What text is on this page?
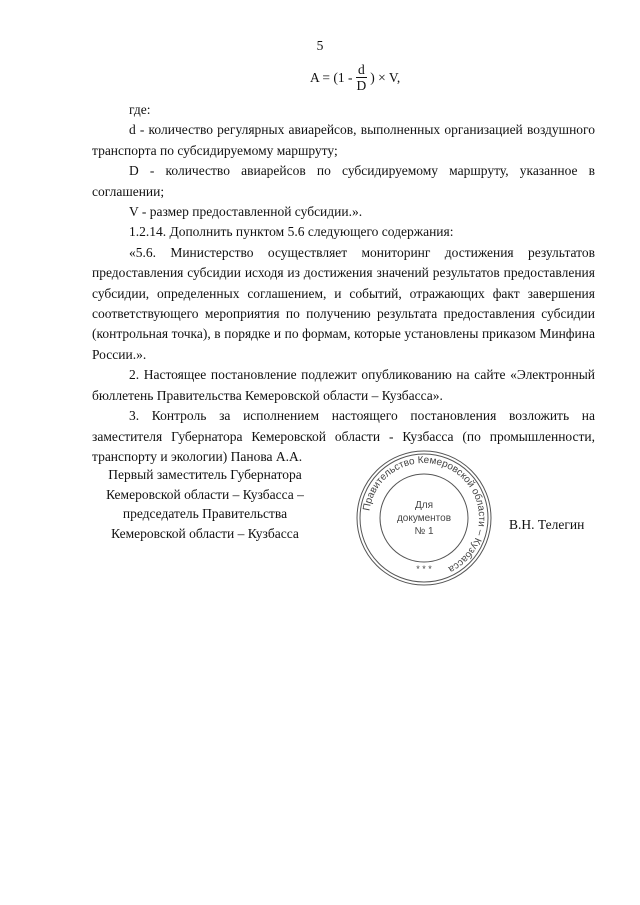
5
$A = (1 - \frac{d}{D}$ ) × V,

где:

d - количество регулярных авиарейсов, выполненных организацией воздушного транспорта по субсидируемому маршруту;

D - количество авиарейсов по субсидируемому маршруту, указанное в соглашении;

V - размер предоставленной субсидии.».

1.2.14. Дополнить пунктом 5.6 следующего содержания:

«5.6. Министерство осуществляет мониторинг достижения результатов предоставления субсидии исходя из достижения значений результатов предоставления субсидии, определенных соглашением, и событий, отражающих факт завершения соответствующего мероприятия по получению результата предоставления субсидии (контрольная точка), в порядке и по формам, которые установлены приказом Минфина России.».

2. Настоящее постановление подлежит опубликованию на сайте «Электронный бюллетень Правительства Кемеровской области – Кузбасса».

3. Контроль за исполнением настоящего постановления возложить на заместителя Губернатора Кемеровской области - Кузбасса (по промышленности, транспорту и экологии) Панова А.А.

Первый заместитель Губернатора
Кемеровской области – Кузбасса –
председатель Правительства
Кемеровской области – Кузбасса
Правительство Кемеровской области – Кузбасса
Для
документов
№ 1
* * *
В.Н. Телегин
